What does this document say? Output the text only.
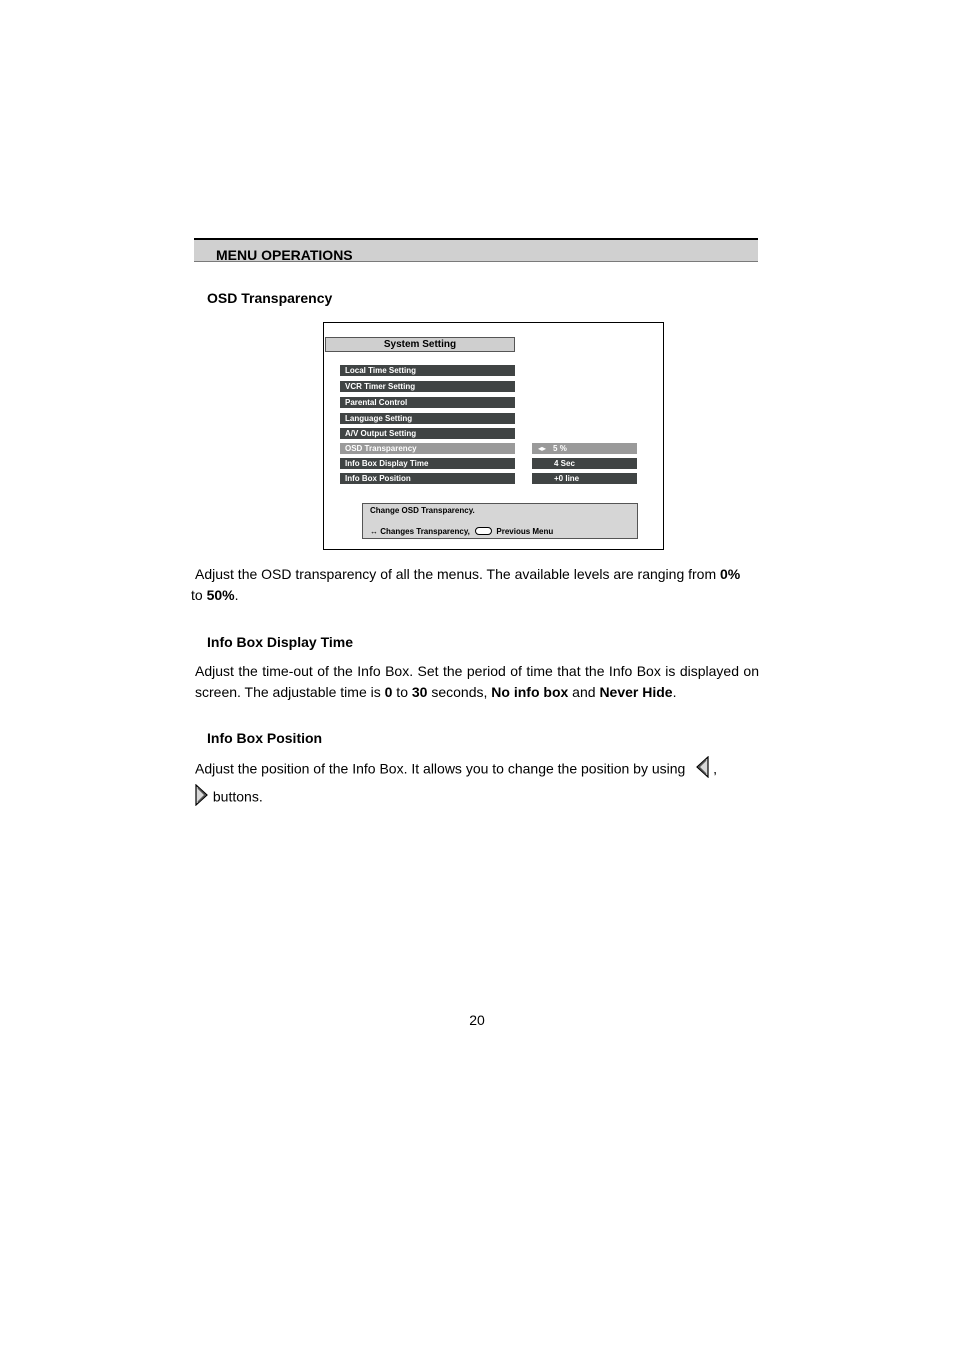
MENU OPERATIONS
OSD Transparency
System Setting
Local Time Setting
VCR Timer Setting
Parental Control
Language Setting
A/V Output Setting
OSD Transparency
Info Box Display Time
Info Box Position
◂▸ 5 %
4 Sec
+0 line
Change OSD Transparency.
↔ Changes Transparency,	Previous Menu
Adjust the OSD transparency of all the menus. The available levels are ranging from 0%
to 50%.
Info Box Display Time
Adjust the time-out of the Info Box. Set the period of time that the Info Box is displayed on screen. The adjustable time is 0 to 30 seconds, No info box and Never Hide.
Info Box Position
Adjust the position of the Info Box. It allows you to change the position by using  ,
buttons.
20
